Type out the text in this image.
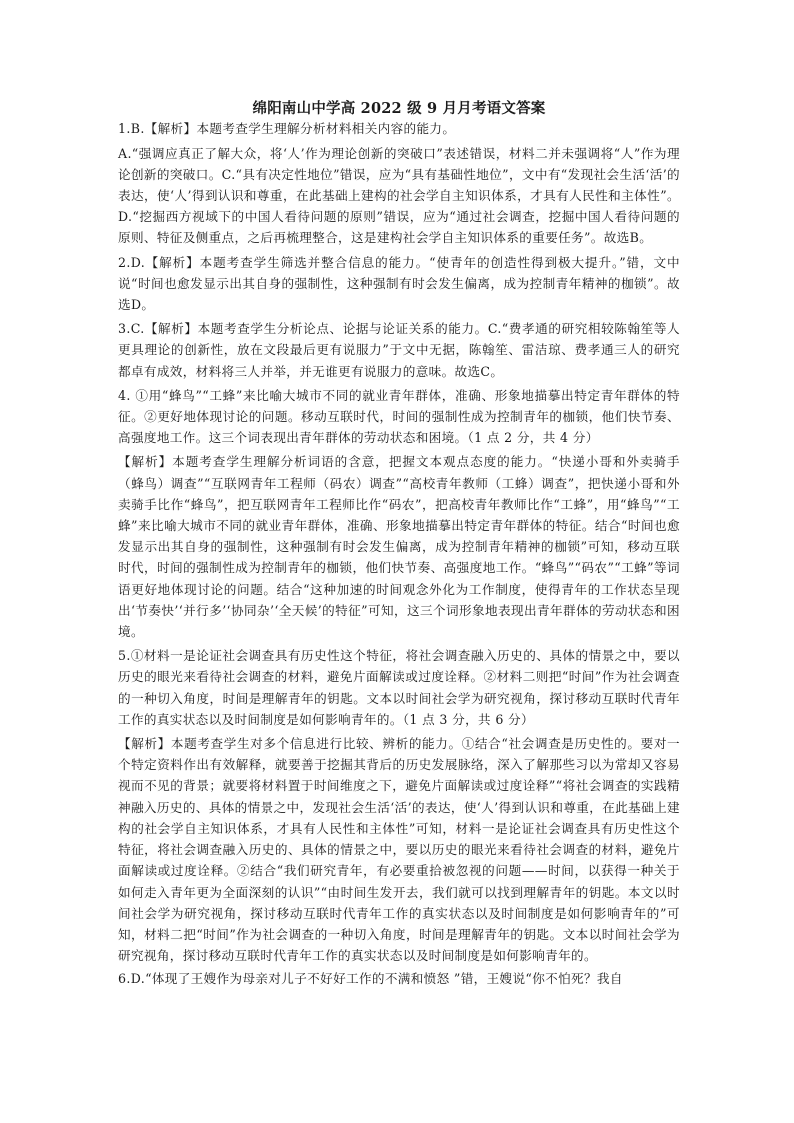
绵阳南山中学高 2022 级 9 月月考语文答案

1.B.【解析】本题考查学生理解分析材料相关内容的能力。

A.“强调应真正了解大众，将‘人’作为理论创新的突破口”表述错误，材料二并未强调将“人”作为理论创新的突破口。C.“具有决定性地位”错误，应为“具有基础性地位”，文中有“发现社会生活‘活’的表达，使‘人’得到认识和尊重，在此基础上建构的社会学自主知识体系，才具有人民性和主体性”。D.“挖掘西方视域下的中国人看待问题的原则”错误，应为“通过社会调查，挖掘中国人看待问题的原则、特征及侧重点，之后再梳理整合，这是建构社会学自主知识体系的重要任务”。故选B。

2.D.【解析】本题考查学生筛选并整合信息的能力。“使青年的创造性得到极大提升。”错，文中说“时间也愈发显示出其自身的强制性，这种强制有时会发生偏离，成为控制青年精神的枷锁”。故选D。

3.C.【解析】本题考查学生分析论点、论据与论证关系的能力。C.“费孝通的研究相较陈翰笙等人更具理论的创新性，放在文段最后更有说服力”于文中无据，陈翰笙、雷洁琼、费孝通三人的研究都卓有成效，材料将三人并举，并无谁更有说服力的意味。故选C。

4. ①用“蜂鸟”“工蜂”来比喻大城市不同的就业青年群体，准确、形象地描摹出特定青年群体的特征。②更好地体现讨论的问题。移动互联时代，时间的强制性成为控制青年的枷锁，他们快节奏、高强度地工作。这三个词表现出青年群体的劳动状态和困境。（1 点 2 分，共 4 分）

【解析】本题考查学生理解分析词语的含意，把握文本观点态度的能力。“快递小哥和外卖骑手（蜂鸟）调查”“互联网青年工程师（码农）调查”“高校青年教师（工蜂）调查”，把快递小哥和外卖骑手比作“蜂鸟”，把互联网青年工程师比作“码农”，把高校青年教师比作“工蜂”，用“蜂鸟”“工蜂”来比喻大城市不同的就业青年群体，准确、形象地描摹出特定青年群体的特征。结合“时间也愈发显示出其自身的强制性，这种强制有时会发生偏离，成为控制青年精神的枷锁”可知，移动互联时代，时间的强制性成为控制青年的枷锁，他们快节奏、高强度地工作。“蜂鸟”“码农”“工蜂”等词语更好地体现讨论的问题。结合“这种加速的时间观念外化为工作制度，使得青年的工作状态呈现出‘节奏快’‘并行多’‘协同杂’‘全天候’的特征”可知，这三个词形象地表现出青年群体的劳动状态和困境。

5.①材料一是论证社会调查具有历史性这个特征，将社会调查融入历史的、具体的情景之中，要以历史的眼光来看待社会调查的材料，避免片面解读或过度诠释。②材料二则把“时间”作为社会调查的一种切入角度，时间是理解青年的钥匙。文本以时间社会学为研究视角，探讨移动互联时代青年工作的真实状态以及时间制度是如何影响青年的。（1 点 3 分，共 6 分）

【解析】本题考查学生对多个信息进行比较、辨析的能力。①结合“社会调查是历史性的。要对一个特定资料作出有效解释，就要善于挖掘其背后的历史发展脉络，深入了解那些习以为常却又容易视而不见的背景；就要将材料置于时间维度之下，避免片面解读或过度诠释”“将社会调查的实践精神融入历史的、具体的情景之中，发现社会生活‘活’的表达，使‘人’得到认识和尊重，在此基础上建构的社会学自主知识体系，才具有人民性和主体性”可知，材料一是论证社会调查具有历史性这个特征，将社会调查融入历史的、具体的情景之中，要以历史的眼光来看待社会调查的材料，避免片面解读或过度诠释。②结合“我们研究青年，有必要重拾被忽视的问题——时间，以获得一种关于如何走入青年更为全面深刻的认识”“由时间生发开去，我们就可以找到理解青年的钥匙。本文以时间社会学为研究视角，探讨移动互联时代青年工作的真实状态以及时间制度是如何影响青年的”可知，材料二把“时间”作为社会调查的一种切入角度，时间是理解青年的钥匙。文本以时间社会学为研究视角，探讨移动互联时代青年工作的真实状态以及时间制度是如何影响青年的。

6.D.“体现了王嫂作为母亲对儿子不好好工作的不满和愤怒 ”错，王嫂说“你不怕死？我自
